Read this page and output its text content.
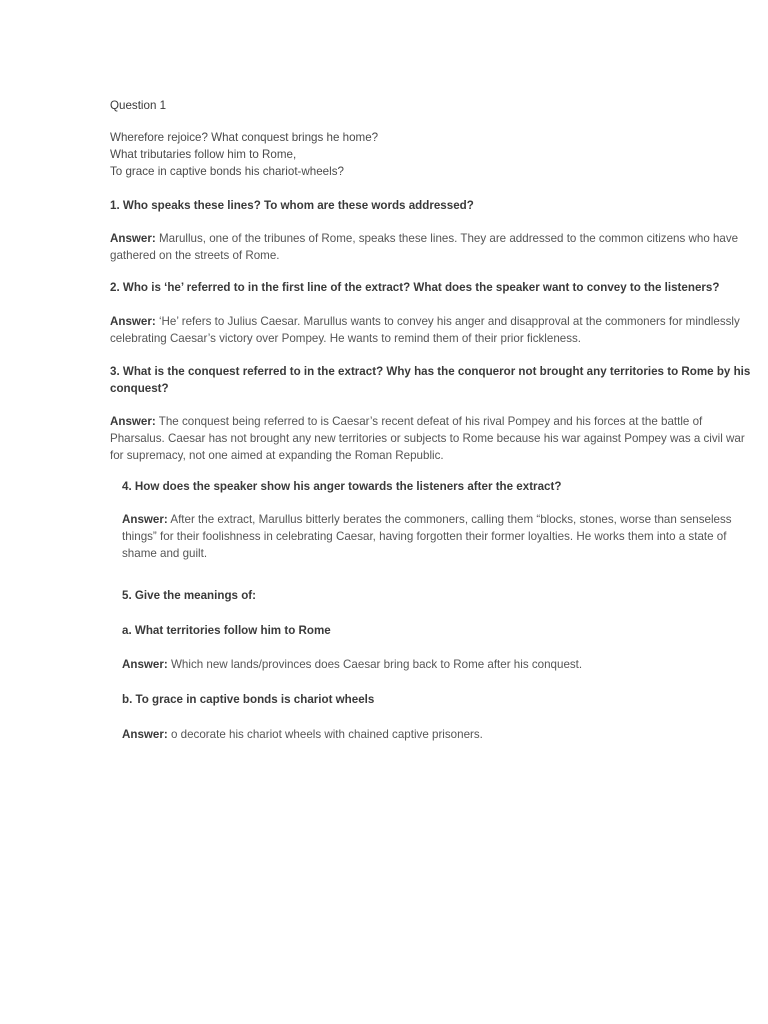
Question 1
Wherefore rejoice? What conquest brings he home?
What tributaries follow him to Rome,
To grace in captive bonds his chariot-wheels?
1. Who speaks these lines? To whom are these words addressed?
Answer: Marullus, one of the tribunes of Rome, speaks these lines. They are addressed to the common citizens who have gathered on the streets of Rome.
2. Who is ‘he’ referred to in the first line of the extract? What does the speaker want to convey to the listeners?
Answer: ‘He’ refers to Julius Caesar. Marullus wants to convey his anger and disapproval at the commoners for mindlessly celebrating Caesar’s victory over Pompey. He wants to remind them of their prior fickleness.
3. What is the conquest referred to in the extract? Why has the conqueror not brought any territories to Rome by his conquest?
Answer: The conquest being referred to is Caesar’s recent defeat of his rival Pompey and his forces at the battle of Pharsalus. Caesar has not brought any new territories or subjects to Rome because his war against Pompey was a civil war for supremacy, not one aimed at expanding the Roman Republic.
4. How does the speaker show his anger towards the listeners after the extract?
Answer: After the extract, Marullus bitterly berates the commoners, calling them “blocks, stones, worse than senseless things” for their foolishness in celebrating Caesar, having forgotten their former loyalties. He works them into a state of shame and guilt.
5. Give the meanings of:
a. What territories follow him to Rome
Answer: Which new lands/provinces does Caesar bring back to Rome after his conquest.
b. To grace in captive bonds is chariot wheels
Answer: o decorate his chariot wheels with chained captive prisoners.
